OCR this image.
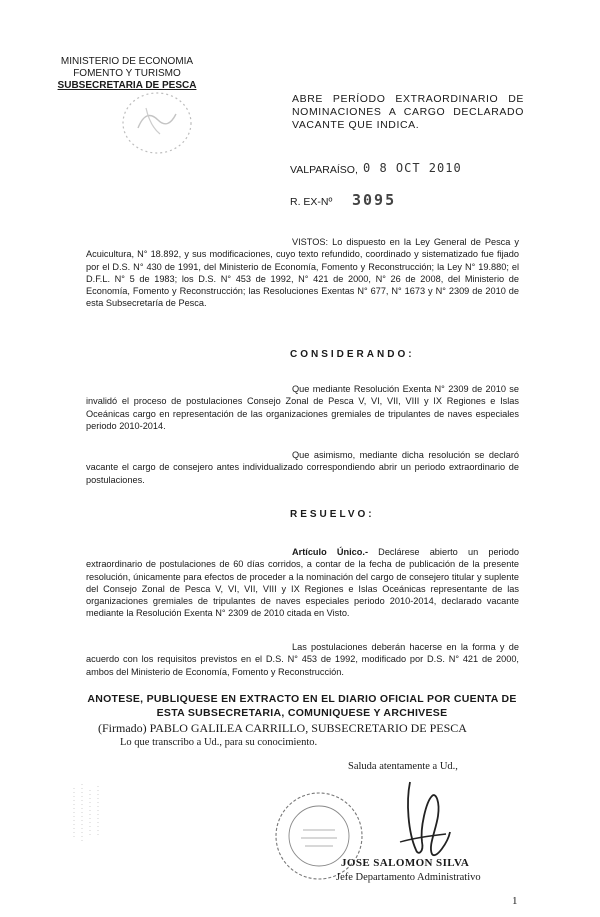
MINISTERIO DE ECONOMIA
FOMENTO Y TURISMO
SUBSECRETARIA DE PESCA
ABRE PERÍODO EXTRAORDINARIO DE
NOMINACIONES A CARGO DECLARADO
VACANTE QUE INDICA.
VALPARAÍSO, 0 8 OCT 2010
R. EX-Nº 3095
VISTOS: Lo dispuesto en la Ley General de Pesca y Acuicultura, N° 18.892, y sus modificaciones, cuyo texto refundido, coordinado y sistematizado fue fijado por el D.S. N° 430 de 1991, del Ministerio de Economía, Fomento y Reconstrucción; la Ley N° 19.880; el D.F.L. N° 5 de 1983; los D.S. N° 453 de 1992, N° 421 de 2000, N° 26 de 2008, del Ministerio de Economía, Fomento y Reconstrucción; las Resoluciones Exentas N° 677, N° 1673 y N° 2309 de 2010 de esta Subsecretaría de Pesca.
CONSIDERANDO:
Que mediante Resolución Exenta N° 2309 de 2010 se invalidó el proceso de postulaciones Consejo Zonal de Pesca V, VI, VII, VIII y IX Regiones e Islas Oceánicas cargo en representación de las organizaciones gremiales de tripulantes de naves especiales periodo 2010-2014.
Que asimismo, mediante dicha resolución se declaró vacante el cargo de consejero antes individualizado correspondiendo abrir un periodo extraordinario de postulaciones.
RESUELVO:
Artículo Único.- Declárese abierto un periodo extraordinario de postulaciones de 60 días corridos, a contar de la fecha de publicación de la presente resolución, únicamente para efectos de proceder a la nominación del cargo de consejero titular y suplente del Consejo Zonal de Pesca V, VI, VII, VIII y IX Regiones e Islas Oceánicas representante de las organizaciones gremiales de tripulantes de naves especiales periodo 2010-2014, declarado vacante mediante la Resolución Exenta N° 2309 de 2010 citada en Visto.
Las postulaciones deberán hacerse en la forma y de acuerdo con los requisitos previstos en el D.S. N° 453 de 1992, modificado por D.S. N° 421 de 2000, ambos del Ministerio de Economía, Fomento y Reconstrucción.
ANOTESE, PUBLIQUESE EN EXTRACTO EN EL DIARIO OFICIAL POR CUENTA DE
ESTA SUBSECRETARIA, COMUNIQUESE Y ARCHIVESE
(Firmado) PABLO GALILEA CARRILLO, SUBSECRETARIO DE PESCA
Lo que transcribo a Ud., para su conocimiento.
Saluda atentamente a Ud.,
JOSE SALOMON SILVA
Jefe Departamento Administrativo
1
